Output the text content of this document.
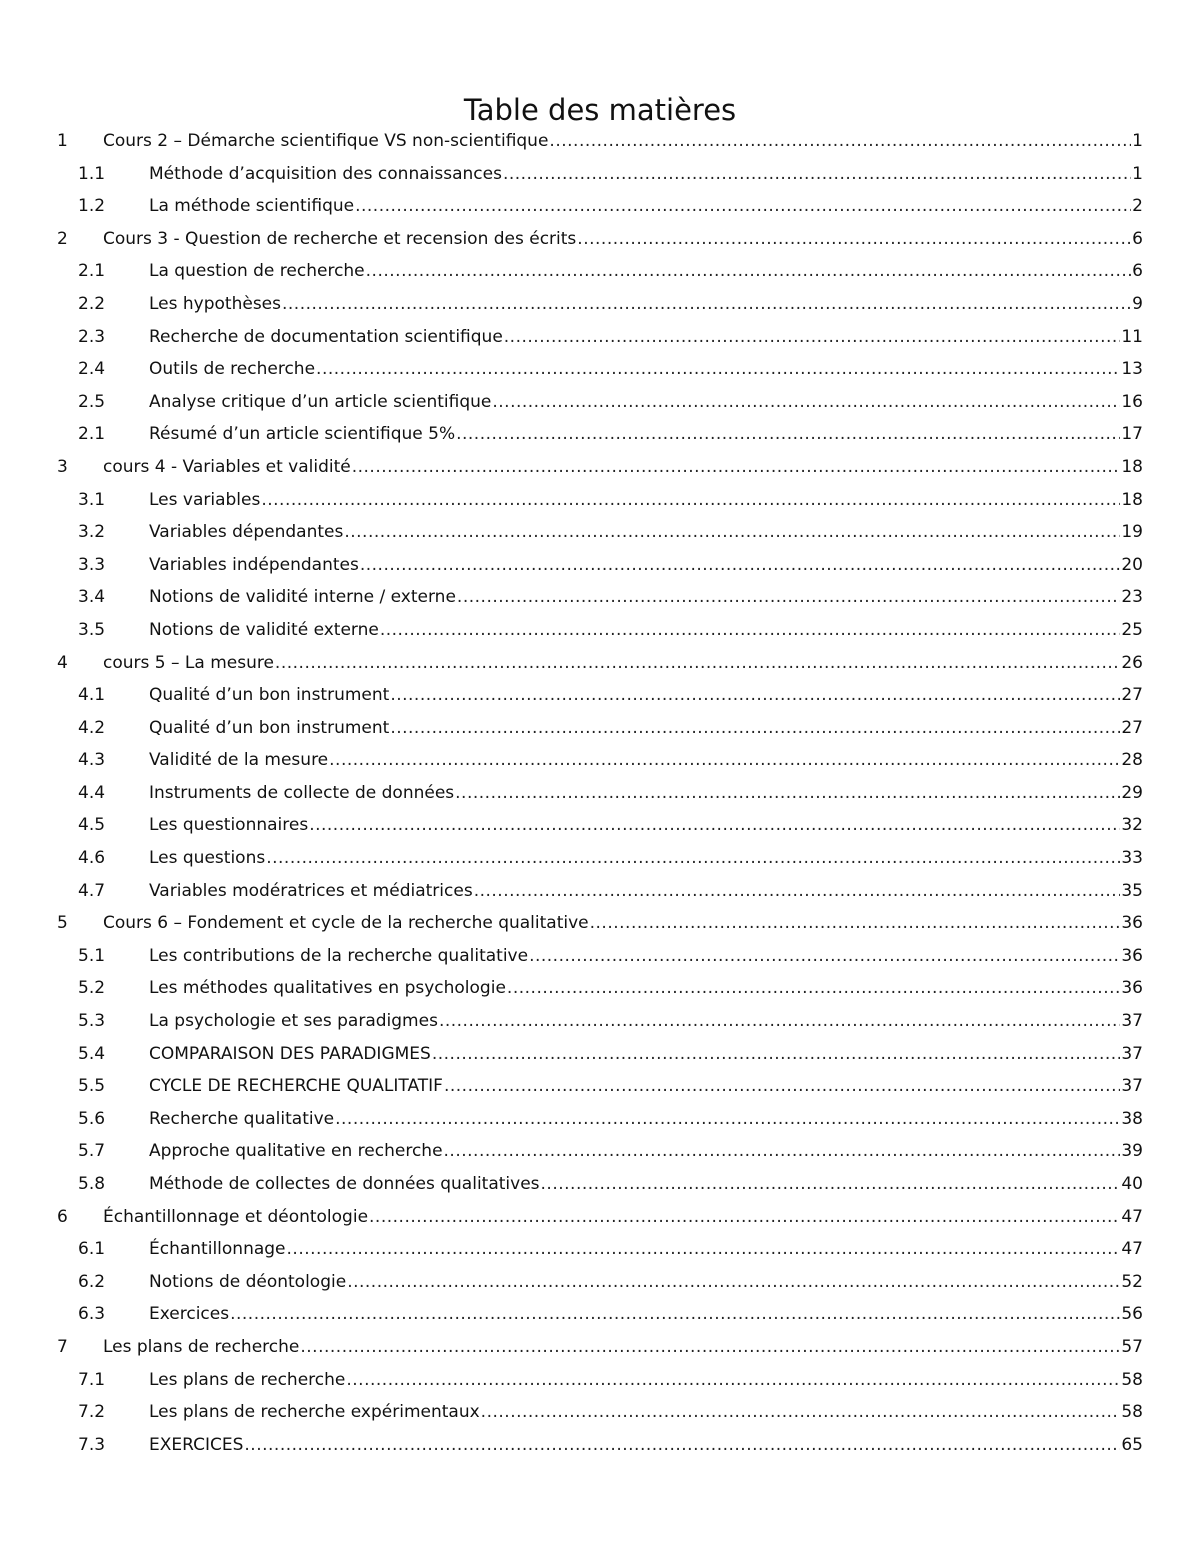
Table des matières
1	Cours 2 – Démarche scientifique VS non-scientifique .....	1
1.1	Méthode d’acquisition des connaissances .....	1
1.2	La méthode scientifique .....	2
2	Cours 3 - Question de recherche et recension des écrits .....	6
2.1	La question de recherche .....	6
2.2	Les hypothèses .....	9
2.3	Recherche de documentation scientifique .....	11
2.4	Outils de recherche .....	13
2.5	Analyse critique d’un article scientifique .....	16
2.1	Résumé d’un article scientifique 5% .....	17
3	cours 4 - Variables et validité .....	18
3.1	Les variables .....	18
3.2	Variables dépendantes .....	19
3.3	Variables indépendantes .....	20
3.4	Notions de validité interne / externe .....	23
3.5	Notions de validité externe .....	25
4	cours 5 – La mesure .....	26
4.1	Qualité d’un bon instrument .....	27
4.2	Qualité d’un bon instrument .....	27
4.3	Validité de la mesure .....	28
4.4	Instruments de collecte de données .....	29
4.5	Les questionnaires .....	32
4.6	Les questions .....	33
4.7	Variables modératrices et médiatrices .....	35
5	Cours 6 – Fondement et cycle de la recherche qualitative .....	36
5.1	Les contributions de la recherche qualitative .....	36
5.2	Les méthodes qualitatives en psychologie .....	36
5.3	La psychologie et ses paradigmes .....	37
5.4	COMPARAISON DES PARADIGMES .....	37
5.5	CYCLE DE RECHERCHE QUALITATIF .....	37
5.6	Recherche qualitative .....	38
5.7	Approche qualitative en recherche .....	39
5.8	Méthode de collectes de données qualitatives .....	40
6	Échantillonnage et déontologie .....	47
6.1	Échantillonnage .....	47
6.2	Notions de déontologie .....	52
6.3	Exercices .....	56
7	Les plans de recherche .....	57
7.1	Les plans de recherche .....	58
7.2	Les plans de recherche expérimentaux .....	58
7.3	EXERCICES .....	65
